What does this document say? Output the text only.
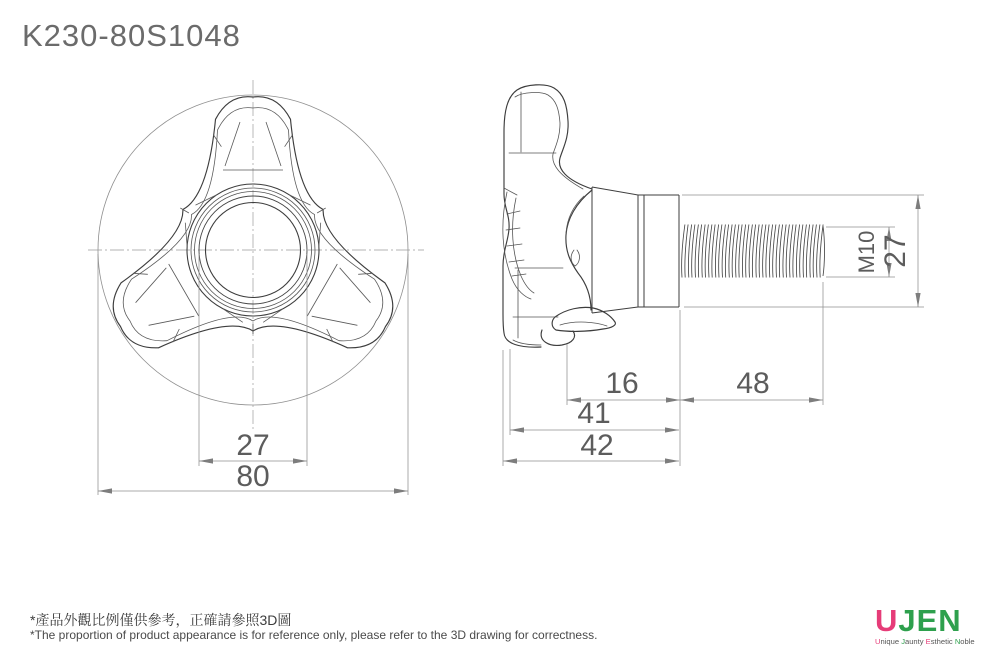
K230-80S1048
27
80
M10 27
16	48
41
42
*產品外觀比例僅供參考，正確請參照3D圖
*The proportion of product appearance is for reference only, please refer to the 3D drawing for correctness.	UJEN
Unique Jaunty Esthetic Noble
